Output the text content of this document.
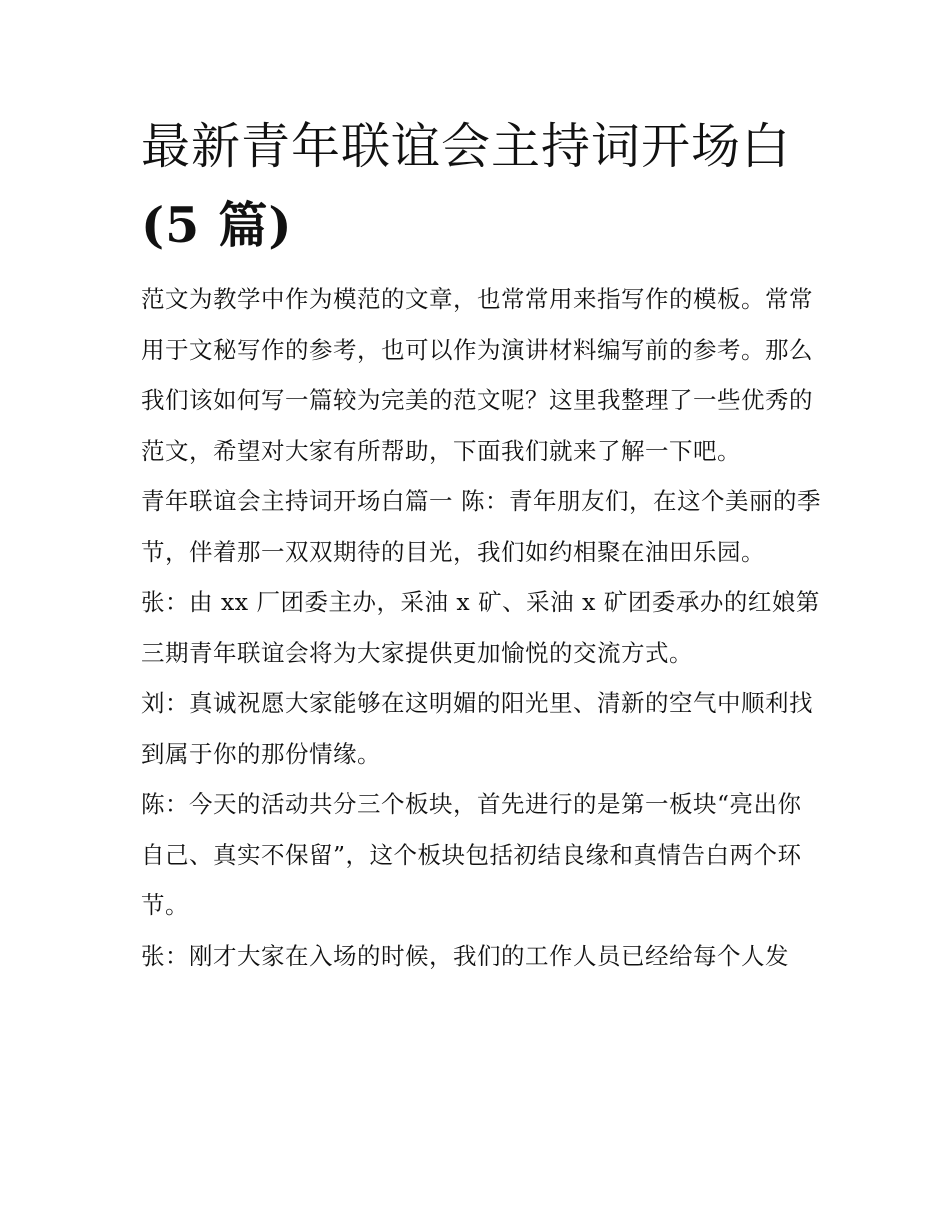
最新青年联谊会主持词开场白
(5 篇)

范文为教学中作为模范的文章，也常常用来指写作的模板。常常用于文秘写作的参考，也可以作为演讲材料编写前的参考。那么我们该如何写一篇较为完美的范文呢？这里我整理了一些优秀的范文，希望对大家有所帮助，下面我们就来了解一下吧。

青年联谊会主持词开场白篇一 陈：青年朋友们，在这个美丽的季节，伴着那一双双期待的目光，我们如约相聚在油田乐园。

张：由 xx 厂团委主办，采油 x 矿、采油 x 矿团委承办的红娘第三期青年联谊会将为大家提供更加愉悦的交流方式。

刘：真诚祝愿大家能够在这明媚的阳光里、清新的空气中顺利找到属于你的那份情缘。

陈：今天的活动共分三个板块，首先进行的是第一板块“亮出你自己、真实不保留”，这个板块包括初结良缘和真情告白两个环节。

张：刚才大家在入场的时候，我们的工作人员已经给每个人发
